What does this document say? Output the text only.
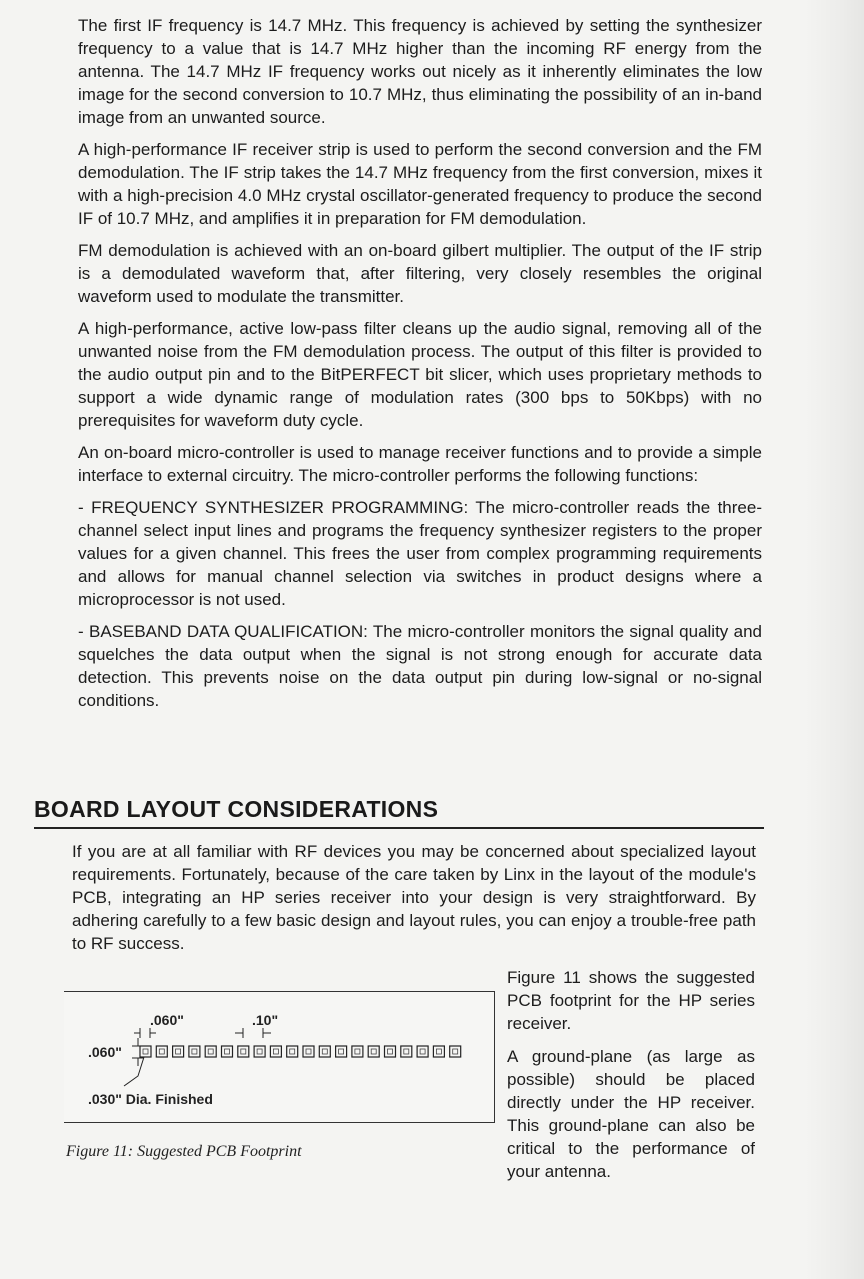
The first IF frequency is 14.7 MHz. This frequency is achieved by setting the synthesizer frequency to a value that is 14.7 MHz higher than the incoming RF energy from the antenna. The 14.7 MHz IF frequency works out nicely as it inherently eliminates the low image for the second conversion to 10.7 MHz, thus eliminating the possibility of an in-band image from an unwanted source.

A high-performance IF receiver strip is used to perform the second conversion and the FM demodulation. The IF strip takes the 14.7 MHz frequency from the first conversion, mixes it with a high-precision 4.0 MHz crystal oscillator-generated frequency to produce the second IF of 10.7 MHz, and amplifies it in preparation for FM demodulation.

FM demodulation is achieved with an on-board gilbert multiplier. The output of the IF strip is a demodulated waveform that, after filtering, very closely resembles the original waveform used to modulate the transmitter.

A high-performance, active low-pass filter cleans up the audio signal, removing all of the unwanted noise from the FM demodulation process. The output of this filter is provided to the audio output pin and to the BitPERFECT bit slicer, which uses proprietary methods to support a wide dynamic range of modulation rates (300 bps to 50Kbps) with no prerequisites for waveform duty cycle.

An on-board micro-controller is used to manage receiver functions and to provide a simple interface to external circuitry. The micro-controller performs the following functions:

- FREQUENCY SYNTHESIZER PROGRAMMING: The micro-controller reads the three-channel select input lines and programs the frequency synthesizer registers to the proper values for a given channel. This frees the user from complex programming requirements and allows for manual channel selection via switches in product designs where a microprocessor is not used.

- BASEBAND DATA QUALIFICATION: The micro-controller monitors the signal quality and squelches the data output when the signal is not strong enough for accurate data detection. This prevents noise on the data output pin during low-signal or no-signal conditions.

BOARD LAYOUT CONSIDERATIONS

If you are at all familiar with RF devices you may be concerned about specialized layout requirements. Fortunately, because of the care taken by Linx in the layout of the module's PCB, integrating an HP series receiver into your design is very straightforward. By adhering carefully to a few basic design and layout rules, you can enjoy a trouble-free path to RF success.

.060"	.10"
.060"
.030" Dia. Finished
Figure 11: Suggested PCB Footprint

Figure 11 shows the suggested PCB footprint for the HP series receiver.

A ground-plane (as large as possible) should be placed directly under the HP receiver. This ground-plane can also be critical to the performance of your antenna.
